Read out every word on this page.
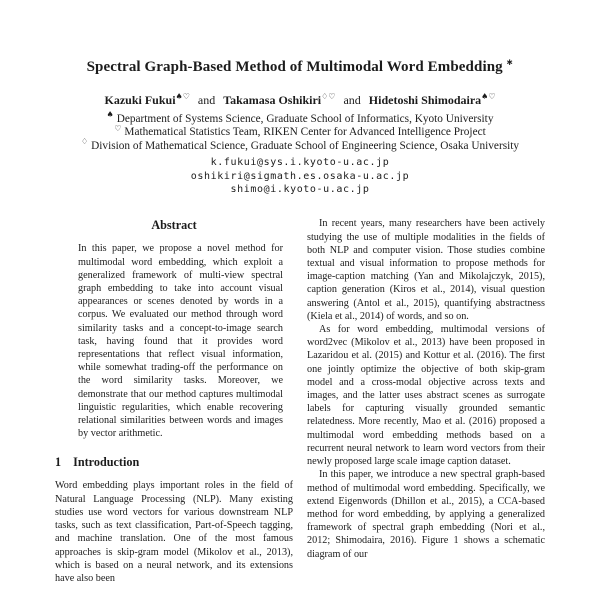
Spectral Graph-Based Method of Multimodal Word Embedding ∗
Kazuki Fukui♠♡ and Takamasa Oshikiri♢♡ and Hidetoshi Shimodaira♠♡
♠ Department of Systems Science, Graduate School of Informatics, Kyoto University
♡ Mathematical Statistics Team, RIKEN Center for Advanced Intelligence Project
♢ Division of Mathematical Science, Graduate School of Engineering Science, Osaka University
k.fukui@sys.i.kyoto-u.ac.jp
oshikiri@sigmath.es.osaka-u.ac.jp
shimo@i.kyoto-u.ac.jp
Abstract

In this paper, we propose a novel method for multimodal word embedding, which exploit a generalized framework of multi-view spectral graph embedding to take into account visual appearances or scenes denoted by words in a corpus. We evaluated our method through word similarity tasks and a concept-to-image search task, having found that it provides word representations that reflect visual information, while somewhat trading-off the performance on the word similarity tasks. Moreover, we demonstrate that our method captures multimodal linguistic regularities, which enable recovering relational similarities between words and images by vector arithmetic.

1 Introduction

Word embedding plays important roles in the field of Natural Language Processing (NLP). Many existing studies use word vectors for various downstream NLP tasks, such as text classification, Part-of-Speech tagging, and machine translation. One of the most famous approaches is skip-gram model (Mikolov et al., 2013), which is based on a neural network, and its extensions have also been

In recent years, many researchers have been actively studying the use of multiple modalities in the fields of both NLP and computer vision. Those studies combine textual and visual information to propose methods for image-caption matching (Yan and Mikolajczyk, 2015), caption generation (Kiros et al., 2014), visual question answering (Antol et al., 2015), quantifying abstractness (Kiela et al., 2014) of words, and so on.

As for word embedding, multimodal versions of word2vec (Mikolov et al., 2013) have been proposed in Lazaridou et al. (2015) and Kottur et al. (2016). The first one jointly optimize the objective of both skip-gram model and a cross-modal objective across texts and images, and the latter uses abstract scenes as surrogate labels for capturing visually grounded semantic relatedness. More recently, Mao et al. (2016) proposed a multimodal word embedding methods based on a recurrent neural network to learn word vectors from their newly proposed large scale image caption dataset.

In this paper, we introduce a new spectral graph-based method of multimodal word embedding. Specifically, we extend Eigenwords (Dhillon et al., 2015), a CCA-based method for word embedding, by applying a generalized framework of spectral graph embedding (Nori et al., 2012; Shimodaira, 2016). Figure 1 shows a schematic diagram of our
